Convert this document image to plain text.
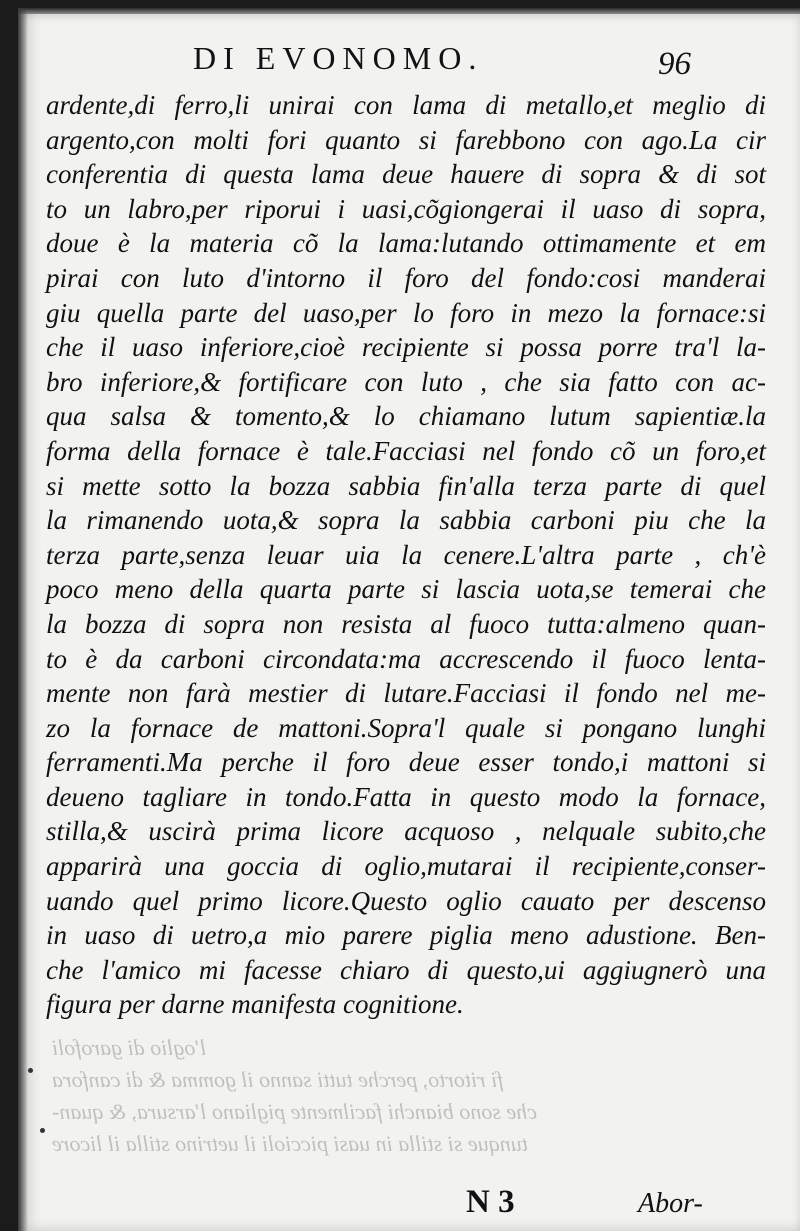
DI EVONOMO.	96
ardente,di ferro,li unirai con lama di metallo,et meglio di
argento,con molti fori quanto si farebbono con ago.La cir
conferentia di questa lama deue hauere di sopra & di sot
to un labro,per riporui i uasi,cõgiongerai il uaso di sopra,
doue è la materia cõ la lama:lutando ottimamente et em
pirai con luto d'intorno il foro del fondo:cosi manderai
giu quella parte del uaso,per lo foro in mezo la fornace:si
che il uaso inferiore,cioè recipiente si possa porre tra'l la-
bro inferiore,& fortificare con luto , che sia fatto con ac-
qua salsa & tomento,& lo chiamano lutum sapientiæ.la
forma della fornace è tale.Facciasi nel fondo cõ un foro,et
si mette sotto la bozza sabbia fin'alla terza parte di quel
la rimanendo uota,& sopra la sabbia carboni piu che la
terza parte,senza leuar uia la cenere.L'altra parte , ch'è
poco meno della quarta parte si lascia uota,se temerai che
la bozza di sopra non resista al fuoco tutta:almeno quan-
to è da carboni circondata:ma accrescendo il fuoco lenta-
mente non farà mestier di lutare.Facciasi il fondo nel me-
zo la fornace de mattoni.Sopra'l quale si pongano lunghi
ferramenti.Ma perche il foro deue esser tondo,i mattoni si
deueno tagliare in tondo.Fatta in questo modo la fornace,
stilla,& uscirà prima licore acquoso , nelquale subito,che
apparirà una goccia di oglio,mutarai il recipiente,conser-
uando quel primo licore.Questo oglio cauato per descenso
in uaso di uetro,a mio parere piglia meno adustione. Ben-
che l'amico mi facesse chiaro di questo,ui aggiugnerò una
figura per darne manifesta cognitione.
l'oglio di garofoli
fi ritorto, perche tutti sanno il gomma & di canfora
che sono bianchi facilmente pigliano l'arsura, & quan-
tunque si stilla in uasi piccioli il uetrino stilla il licore
N 3	Abor-
